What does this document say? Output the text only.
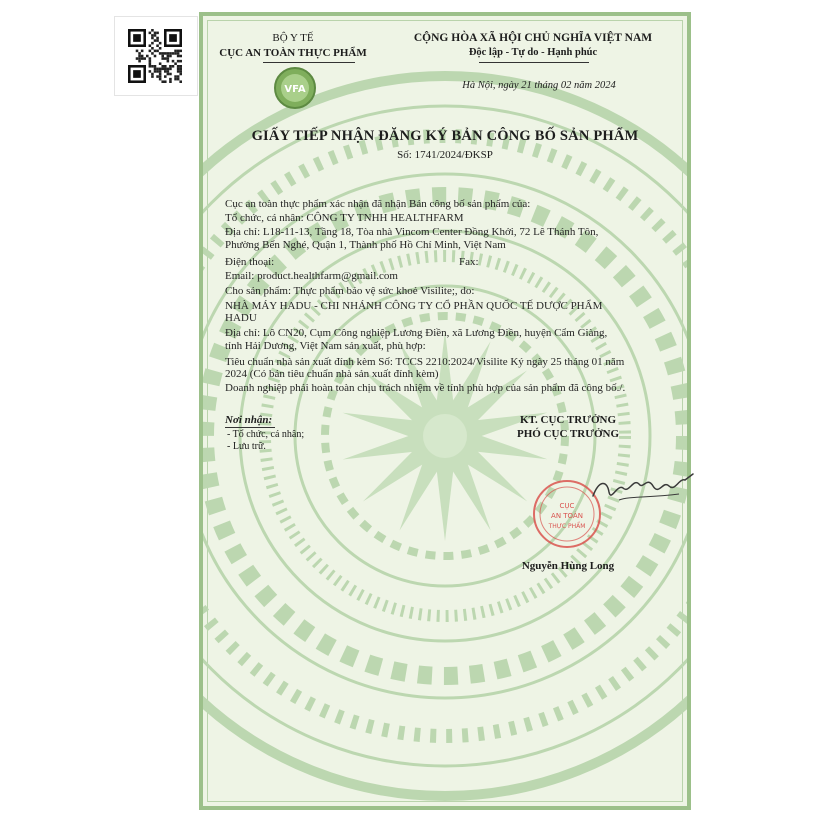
BỘ Y TẾ
CỤC AN TOÀN THỰC PHẨM
VFA
CỘNG HÒA XÃ HỘI CHỦ NGHĨA VIỆT NAM
Độc lập - Tự do - Hạnh phúc
Hà Nội, ngày 21 tháng 02 năm 2024
GIẤY TIẾP NHẬN ĐĂNG KÝ BẢN CÔNG BỐ SẢN PHẨM
Số: 1741/2024/ĐKSP
Cục an toàn thực phẩm xác nhận đã nhận Bản công bố sản phẩm của:
Tổ chức, cá nhân: CÔNG TY TNHH HEALTHFARM
Địa chỉ: L18-11-13, Tầng 18, Tòa nhà Vincom Center Đồng Khởi, 72 Lê Thánh Tôn,
Phường Bến Nghé, Quận 1, Thành phố Hồ Chí Minh, Việt Nam
Điện thoại:	Fax:
Email: product.healthfarm@gmail.com
Cho sản phẩm: Thực phẩm bảo vệ sức khoẻ Visilite;, do:
NHÀ MÁY HADU - CHI NHÁNH CÔNG TY CỔ PHẦN QUỐC TẾ DƯỢC PHẨM
HADU
Địa chỉ: Lô CN20, Cụm Công nghiệp Lương Điền, xã Lương Điền, huyện Cẩm Giàng,
tỉnh Hải Dương, Việt Nam sản xuất, phù hợp:
Tiêu chuẩn nhà sản xuất đính kèm Số: TCCS 2210:2024/Visilite Ký ngày 25 tháng 01 năm
2024 (Có bản tiêu chuẩn nhà sản xuất đính kèm)
Doanh nghiệp phải hoàn toàn chịu trách nhiệm về tính phù hợp của sản phẩm đã công bố./.
Nơi nhận:
- Tổ chức, cá nhân;
- Lưu trữ.
KT. CỤC TRƯỞNG
PHÓ CỤC TRƯỞNG
CỤC
AN TOÀN
THỰC PHẨM
Nguyễn Hùng Long
